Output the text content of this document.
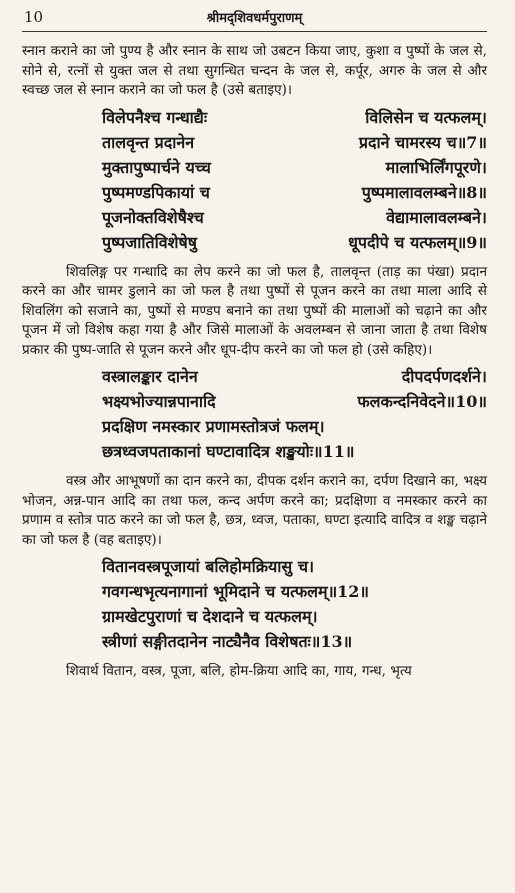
10	श्रीमद्शिवधर्मपुराणम्

स्नान कराने का जो पुण्य है और स्नान के साथ जो उबटन किया जाए, कुशा व पुष्पों के जल से, सोने से, रत्नों से युक्त जल से तथा सुगन्धित चन्दन के जल से, कर्पूर, अगरु के जल से और स्वच्छ जल से स्नान कराने का जो फल है (उसे बताइए)।

विलेपनैश्च गन्धाद्यैः	विलिसेन च यत्फलम्।
तालवृन्त प्रदानेन	प्रदाने चामरस्य च॥7॥
मुक्तापुष्पार्चने यच्च	मालाभिर्लिंगपूरणे।
पुष्पमण्डपिकायां च	पुष्पमालावलम्बने॥8॥
पूजनोक्तविशेषैश्च	वेद्यामालावलम्बने।
पुष्पजातिविशेषेषु	धूपदीपे च यत्फलम्॥9॥

शिवलिङ्ग पर गन्धादि का लेप करने का जो फल है, तालवृन्त (ताड़ का पंखा) प्रदान करने का और चामर डुलाने का जो फल है तथा पुष्पों से पूजन करने का तथा माला आदि से शिवलिंग को सजाने का, पुष्पों से मण्डप बनाने का तथा पुष्पों की मालाओं को चढ़ाने का और पूजन में जो विशेष कहा गया है और जिसे मालाओं के अवलम्बन से जाना जाता है तथा विशेष प्रकार की पुष्प-जाति से पूजन करने और धूप-दीप करने का जो फल हो (उसे कहिए)।

वस्त्रालङ्कार दानेन	दीपदर्पणदर्शने।
भक्ष्यभोज्यान्नपानादि	फलकन्दनिवेदने॥10॥
प्रदक्षिण नमस्कार प्रणामस्तोत्रजं फलम्।
छत्रध्वजपताकानां घण्टावादित्र शङ्खयोः॥11॥

वस्त्र और आभूषणों का दान करने का, दीपक दर्शन कराने का, दर्पण दिखाने का, भक्ष्य भोजन, अन्न-पान आदि का तथा फल, कन्द अर्पण करने का; प्रदक्षिणा व नमस्कार करने का प्रणाम व स्तोत्र पाठ करने का जो फल है, छत्र, ध्वज, पताका, घण्टा इत्यादि वादित्र व शङ्ख चढ़ाने का जो फल है (वह बताइए)।

वितानवस्त्रपूजायां बलिहोमक्रियासु च।
गवगन्धभृत्यनागानां भूमिदाने च यत्फलम्॥12॥
ग्रामखेटपुराणां च देशदाने च यत्फलम्।
स्त्रीणां सङ्गीतदानेन नाट्यैनैव विशेषतः॥13॥

शिवार्थ वितान, वस्त्र, पूजा, बलि, होम-क्रिया आदि का, गाय, गन्ध, भृत्य
